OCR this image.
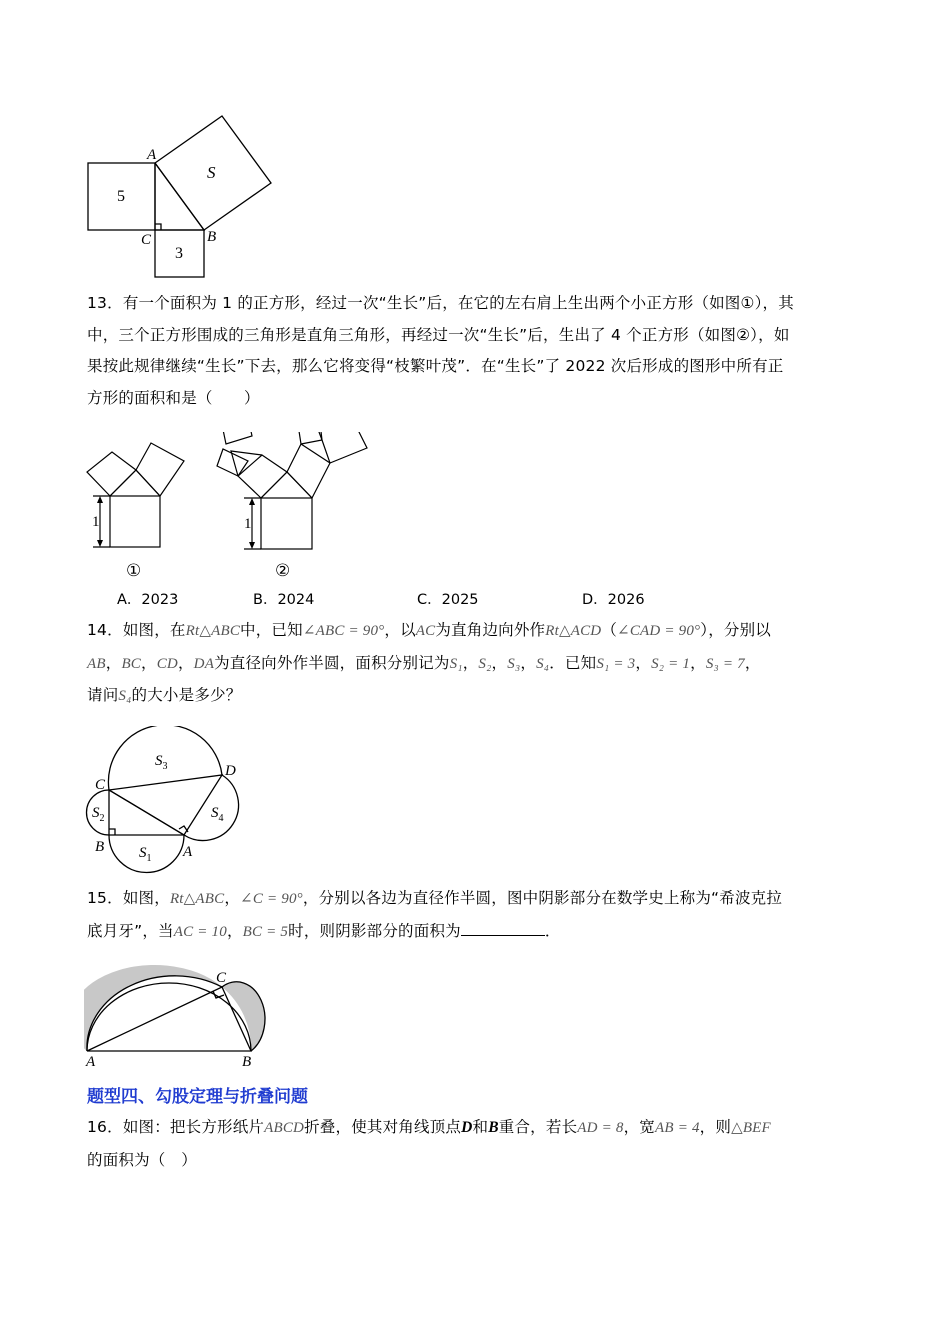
A
B
C
S
5
3
13．有一个面积为 1 的正方形，经过一次“生长”后，在它的左右肩上生出两个小正方形（如图①），其
中，三个正方形围成的三角形是直角三角形，再经过一次“生长”后，生出了 4 个正方形（如图②），如
果按此规律继续“生长”下去，那么它将变得“枝繁叶茂”．在“生长”了 2022 次后形成的图形中所有正
方形的面积和是（　　）
1	1
①	②
A．2023	B．2024	C．2025	D．2026
14．如图，在Rt△ABC中，已知∠ABC = 90°，以AC为直角边向外作Rt△ACD（∠CAD = 90°），分别以
AB，BC，CD，DA为直径向外作半圆，面积分别记为S₁，S₂，S₃，S₄．已知S₁ = 3，S₂ = 1，S₃ = 7，
请问S₄的大小是多少？
C
D
B	A
$S_3$
$S_2$
$S_1$
$S_4$
15．如图，Rt△ABC，∠C = 90°，分别以各边为直径作半圆，图中阴影部分在数学史上称为“希波克拉
底月牙”，当AC = 10，BC = 5时，则阴影部分的面积为	．
A	B
C
题型四、勾股定理与折叠问题
16．如图：把长方形纸片ABCD折叠，使其对角线顶点D和B重合，若长AD = 8，宽AB = 4，则△BEF
的面积为（　）
